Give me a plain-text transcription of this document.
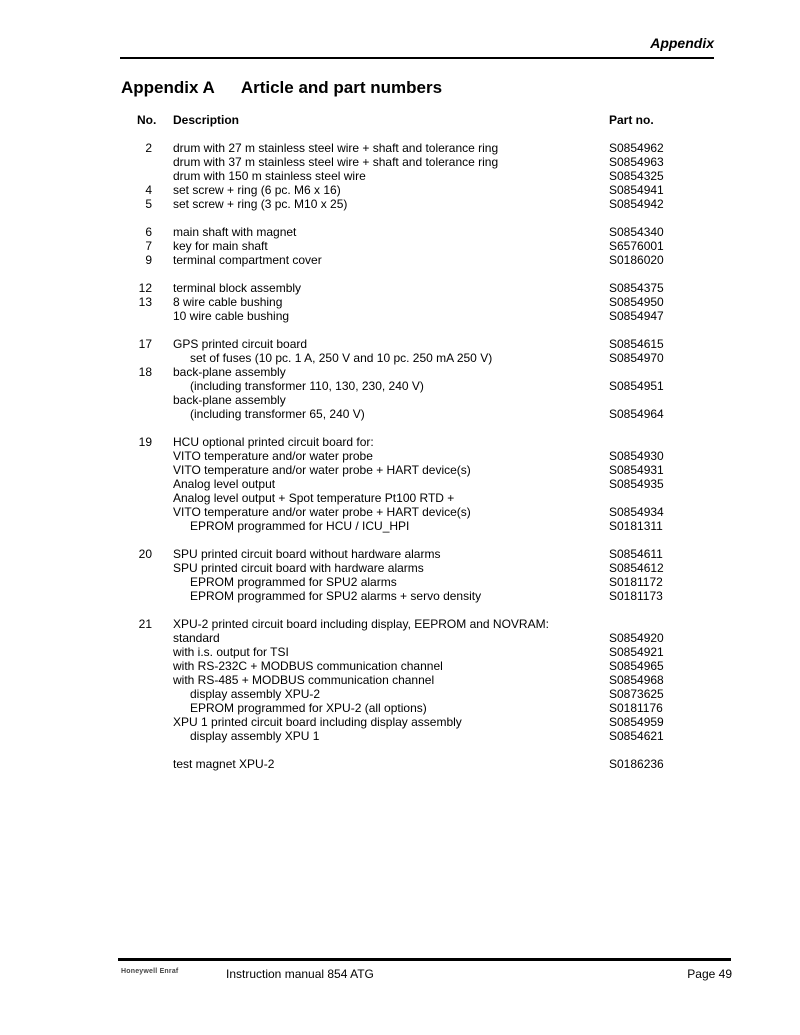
Appendix
Appendix A Article and part numbers
No. Description	Part no.
2 drum with 27 m stainless steel wire + shaft and tolerance ring	S0854962
drum with 37 m stainless steel wire + shaft and tolerance ring	S0854963
drum with 150 m stainless steel wire	S0854325
4 set screw + ring (6 pc. M6 x 16)	S0854941
5 set screw + ring (3 pc. M10 x 25)	S0854942
6 main shaft with magnet	S0854340
7 key for main shaft	S6576001
9 terminal compartment cover	S0186020
12 terminal block assembly	S0854375
13 8 wire cable bushing	S0854950
10 wire cable bushing	S0854947
17 GPS printed circuit board	S0854615
set of fuses (10 pc. 1 A, 250 V and 10 pc. 250 mA 250 V)	S0854970
18 back-plane assembly
(including transformer 110, 130, 230, 240 V)	S0854951
back-plane assembly
(including transformer 65, 240 V)	S0854964
19 HCU optional printed circuit board for:
VITO temperature and/or water probe	S0854930
VITO temperature and/or water probe + HART device(s)	S0854931
Analog level output	S0854935
Analog level output + Spot temperature Pt100 RTD +
VITO temperature and/or water probe + HART device(s)	S0854934
EPROM programmed for HCU / ICU_HPI	S0181311
20 SPU printed circuit board without hardware alarms	S0854611
SPU printed circuit board with hardware alarms	S0854612
EPROM programmed for SPU2 alarms	S0181172
EPROM programmed for SPU2 alarms + servo density	S0181173
21 XPU-2 printed circuit board including display, EEPROM and NOVRAM:
standard	S0854920
with i.s. output for TSI	S0854921
with RS-232C + MODBUS communication channel	S0854965
with RS-485 + MODBUS communication channel	S0854968
display assembly XPU-2	S0873625
EPROM programmed for XPU-2 (all options)	S0181176
XPU 1 printed circuit board including display assembly	S0854959
display assembly XPU 1	S0854621
test magnet XPU-2	S0186236
Honeywell Enraf	Instruction manual 854 ATG	Page 49
